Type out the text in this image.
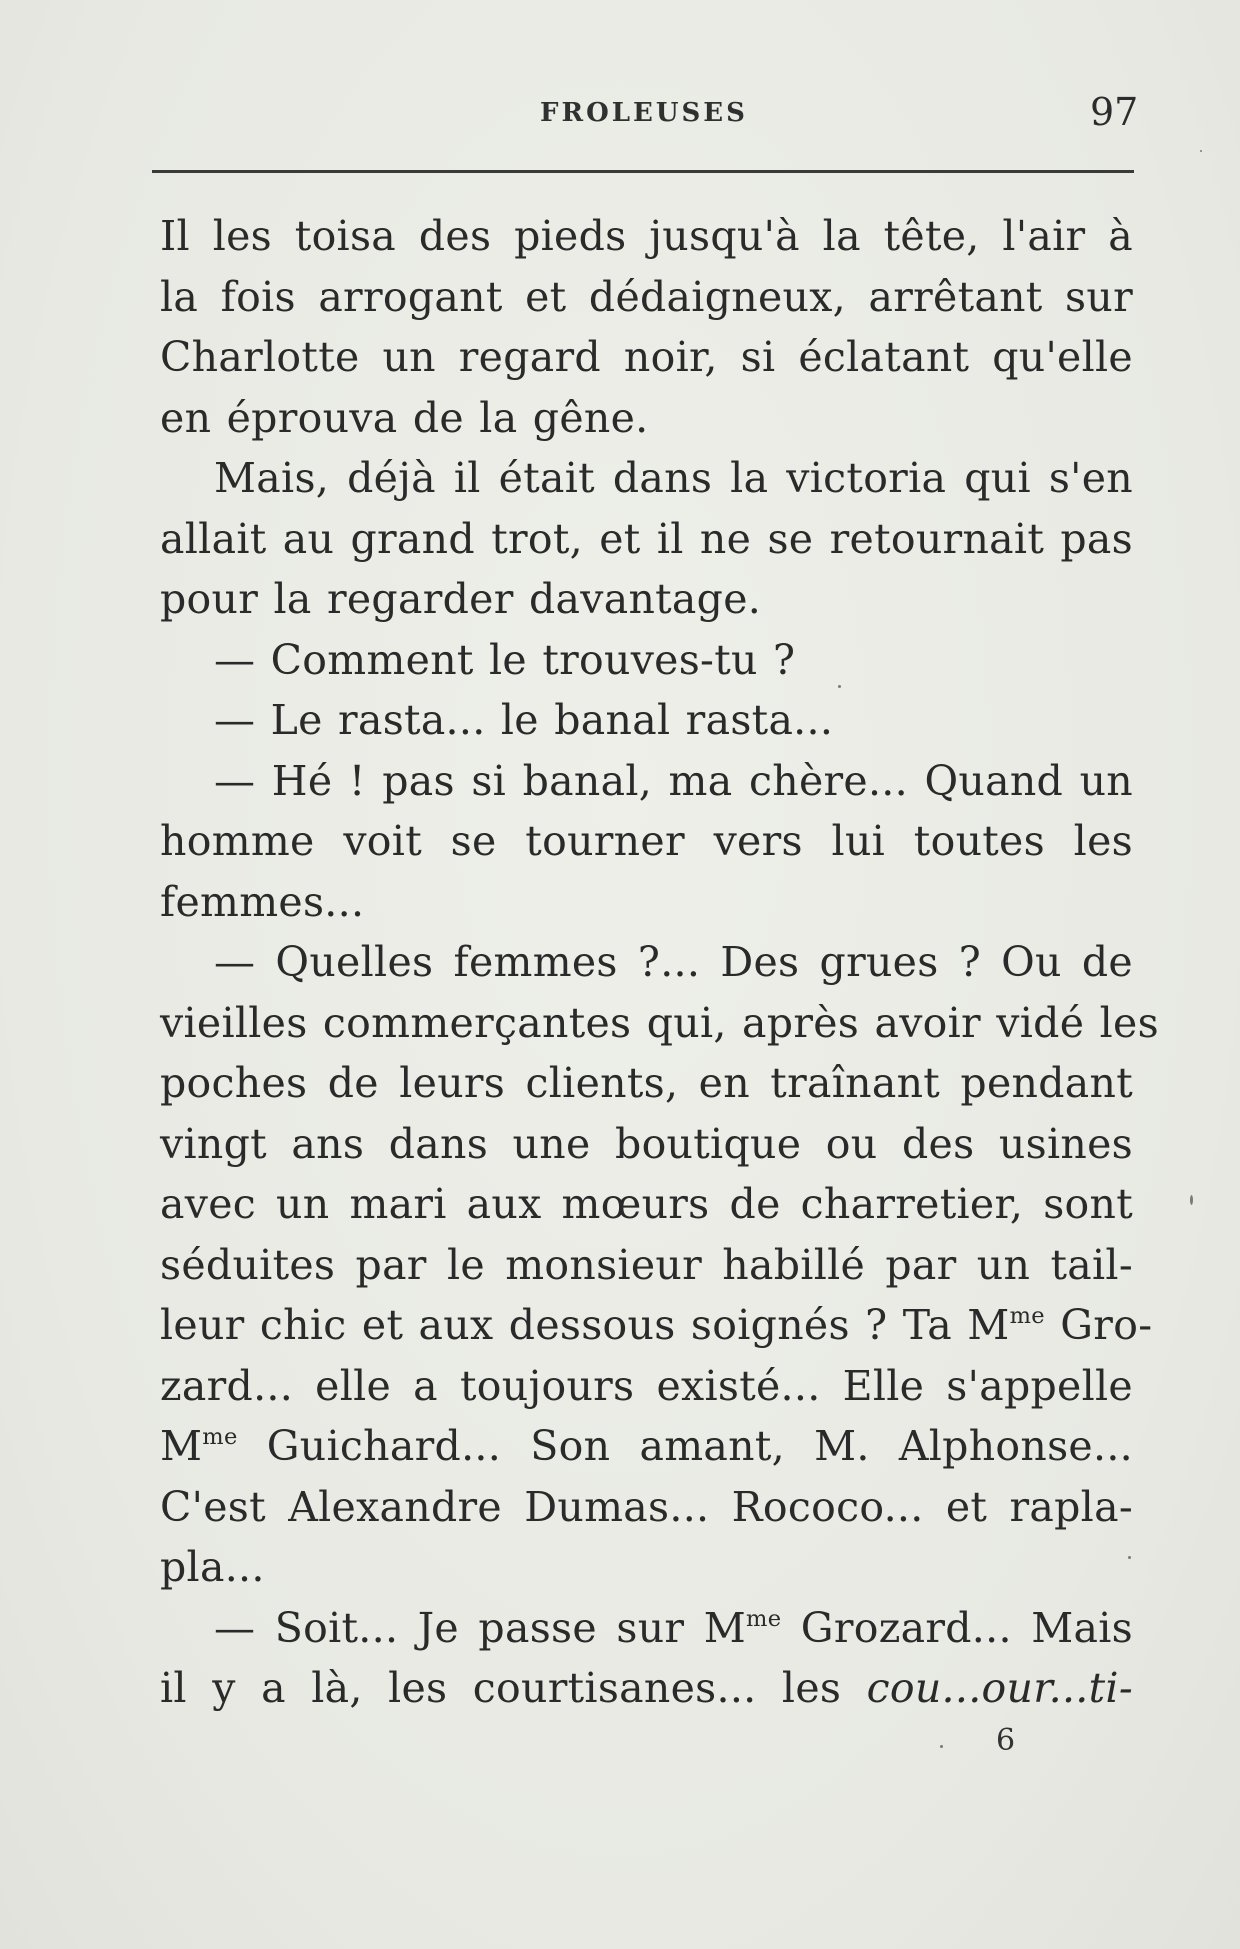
FROLEUSES	97

Il les toisa des pieds jusqu'à la tête, l'air à
la fois arrogant et dédaigneux, arrêtant sur
Charlotte un regard noir, si éclatant qu'elle
en éprouva de la gêne.

Mais, déjà il était dans la victoria qui s'en
allait au grand trot, et il ne se retournait pas
pour la regarder davantage.

— Comment le trouves-tu ?

— Le rasta... le banal rasta...

— Hé ! pas si banal, ma chère... Quand un
homme voit se tourner vers lui toutes les
femmes...

— Quelles femmes ?... Des grues ? Ou de
vieilles commerçantes qui, après avoir vidé les
poches de leurs clients, en traînant pendant
vingt ans dans une boutique ou des usines
avec un mari aux mœurs de charretier, sont
séduites par le monsieur habillé par un tail-
leur chic et aux dessous soignés ? Ta $M^{me}$ Gro-
zard... elle a toujours existé... Elle s'appelle
$M^{me}$ Guichard... Son amant, M. Alphonse...
C'est Alexandre Dumas... Rococo... et rapla-
pla...

— Soit... Je passe sur $M^{me}$ Grozard... Mais
il y a là, les courtisanes... les cou...our...ti-

6
